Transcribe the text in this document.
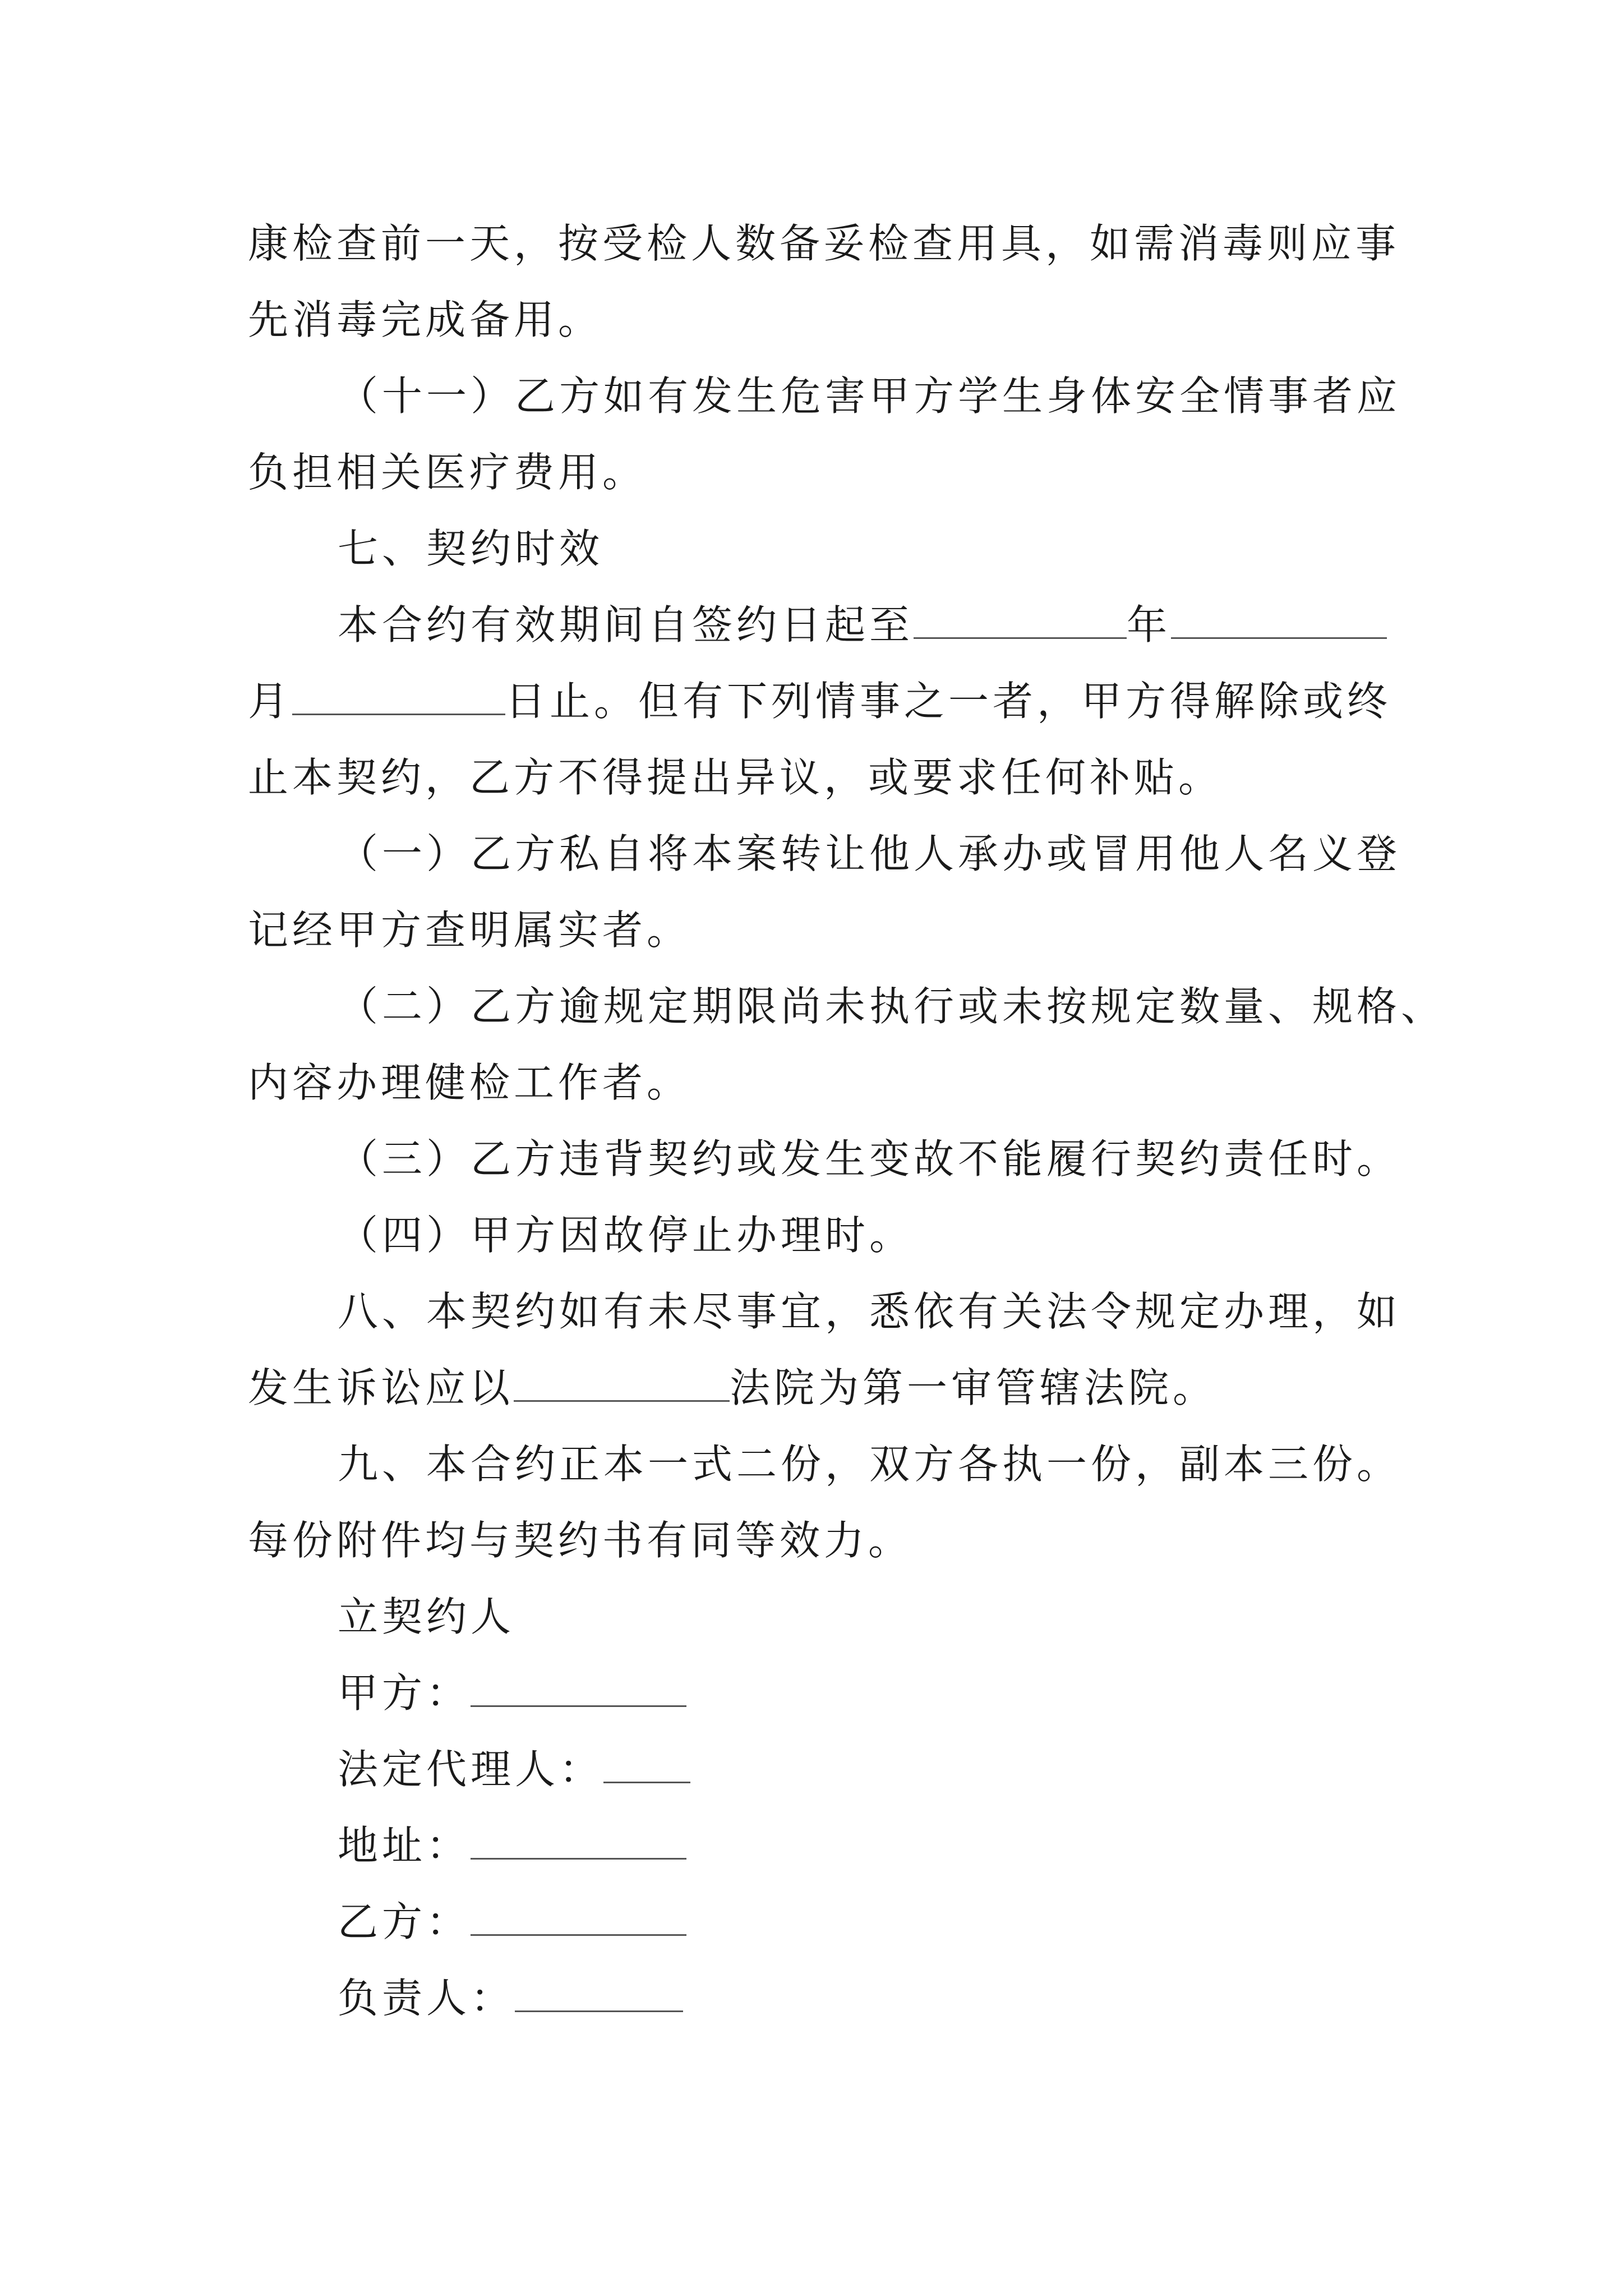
康检查前一天，按受检人数备妥检查用具，如需消毒则应事
先消毒完成备用。
（十一）乙方如有发生危害甲方学生身体安全情事者应
负担相关医疗费用。
七、契约时效
本合约有效期间自签约日起至	年
月	日止。但有下列情事之一者，甲方得解除或终
止本契约，乙方不得提出异议，或要求任何补贴。
（一）乙方私自将本案转让他人承办或冒用他人名义登
记经甲方查明属实者。
（二）乙方逾规定期限尚未执行或未按规定数量、规格、
内容办理健检工作者。
（三）乙方违背契约或发生变故不能履行契约责任时。
（四）甲方因故停止办理时。
八、本契约如有未尽事宜，悉依有关法令规定办理，如
发生诉讼应以	法院为第一审管辖法院。
九、本合约正本一式二份，双方各执一份，副本三份。
每份附件均与契约书有同等效力。
立契约人
甲方：
法定代理人：
地址：
乙方：
负责人：
